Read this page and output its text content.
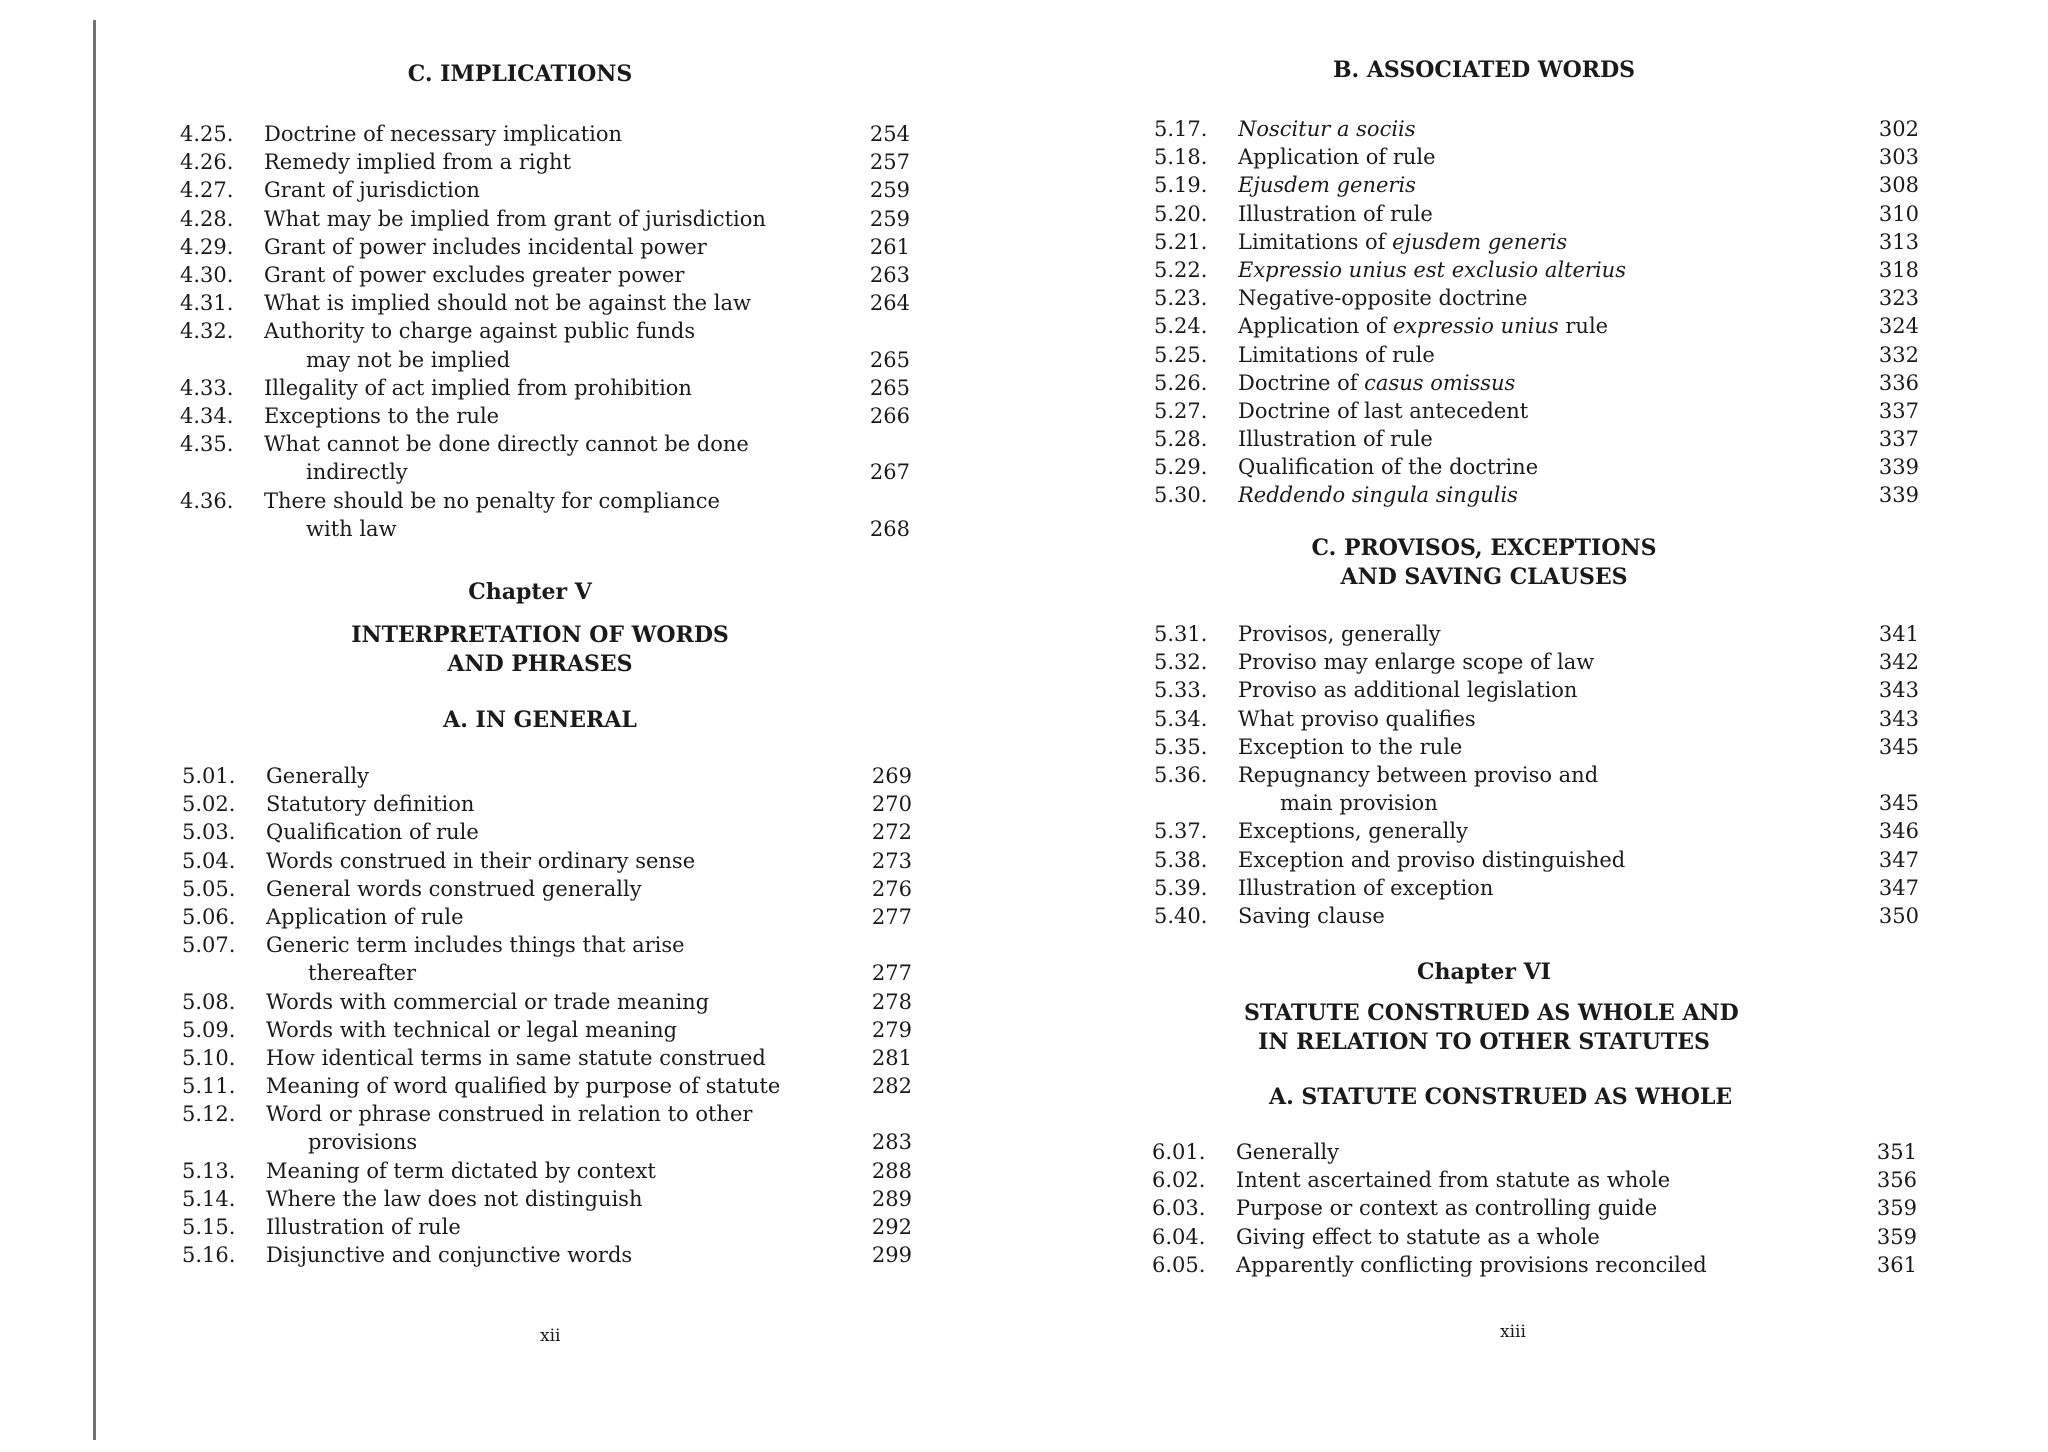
C. IMPLICATIONS
4.25.	Doctrine of necessary implication	254
4.26.	Remedy implied from a right	257
4.27.	Grant of jurisdiction	259
4.28.	What may be implied from grant of jurisdiction	259
4.29.	Grant of power includes incidental power	261
4.30.	Grant of power excludes greater power	263
4.31.	What is implied should not be against the law	264
4.32.	Authority to charge against public funds
may not be implied	265
4.33.	Illegality of act implied from prohibition	265
4.34.	Exceptions to the rule	266
4.35.	What cannot be done directly cannot be done
indirectly	267
4.36.	There should be no penalty for compliance
with law	268
Chapter V
INTERPRETATION OF WORDS
AND PHRASES
A. IN GENERAL
5.01.	Generally	269
5.02.	Statutory definition	270
5.03.	Qualification of rule	272
5.04.	Words construed in their ordinary sense	273
5.05.	General words construed generally	276
5.06.	Application of rule	277
5.07.	Generic term includes things that arise
thereafter	277
5.08.	Words with commercial or trade meaning	278
5.09.	Words with technical or legal meaning	279
5.10.	How identical terms in same statute construed	281
5.11.	Meaning of word qualified by purpose of statute	282
5.12.	Word or phrase construed in relation to other
provisions	283
5.13.	Meaning of term dictated by context	288
5.14.	Where the law does not distinguish	289
5.15.	Illustration of rule	292
5.16.	Disjunctive and conjunctive words	299
xii
B. ASSOCIATED WORDS
5.17.	Noscitur a sociis	302
5.18.	Application of rule	303
5.19.	Ejusdem generis	308
5.20.	Illustration of rule	310
5.21.	Limitations of ejusdem generis	313
5.22.	Expressio unius est exclusio alterius	318
5.23.	Negative-opposite doctrine	323
5.24.	Application of expressio unius rule	324
5.25.	Limitations of rule	332
5.26.	Doctrine of casus omissus	336
5.27.	Doctrine of last antecedent	337
5.28.	Illustration of rule	337
5.29.	Qualification of the doctrine	339
5.30.	Reddendo singula singulis	339
C. PROVISOS, EXCEPTIONS
AND SAVING CLAUSES
5.31.	Provisos, generally	341
5.32.	Proviso may enlarge scope of law	342
5.33.	Proviso as additional legislation	343
5.34.	What proviso qualifies	343
5.35.	Exception to the rule	345
5.36.	Repugnancy between proviso and
main provision	345
5.37.	Exceptions, generally	346
5.38.	Exception and proviso distinguished	347
5.39.	Illustration of exception	347
5.40.	Saving clause	350
Chapter VI
STATUTE CONSTRUED AS WHOLE AND
IN RELATION TO OTHER STATUTES
A. STATUTE CONSTRUED AS WHOLE
6.01.	Generally	351
6.02.	Intent ascertained from statute as whole	356
6.03.	Purpose or context as controlling guide	359
6.04.	Giving effect to statute as a whole	359
6.05.	Apparently conflicting provisions reconciled	361
xiii
